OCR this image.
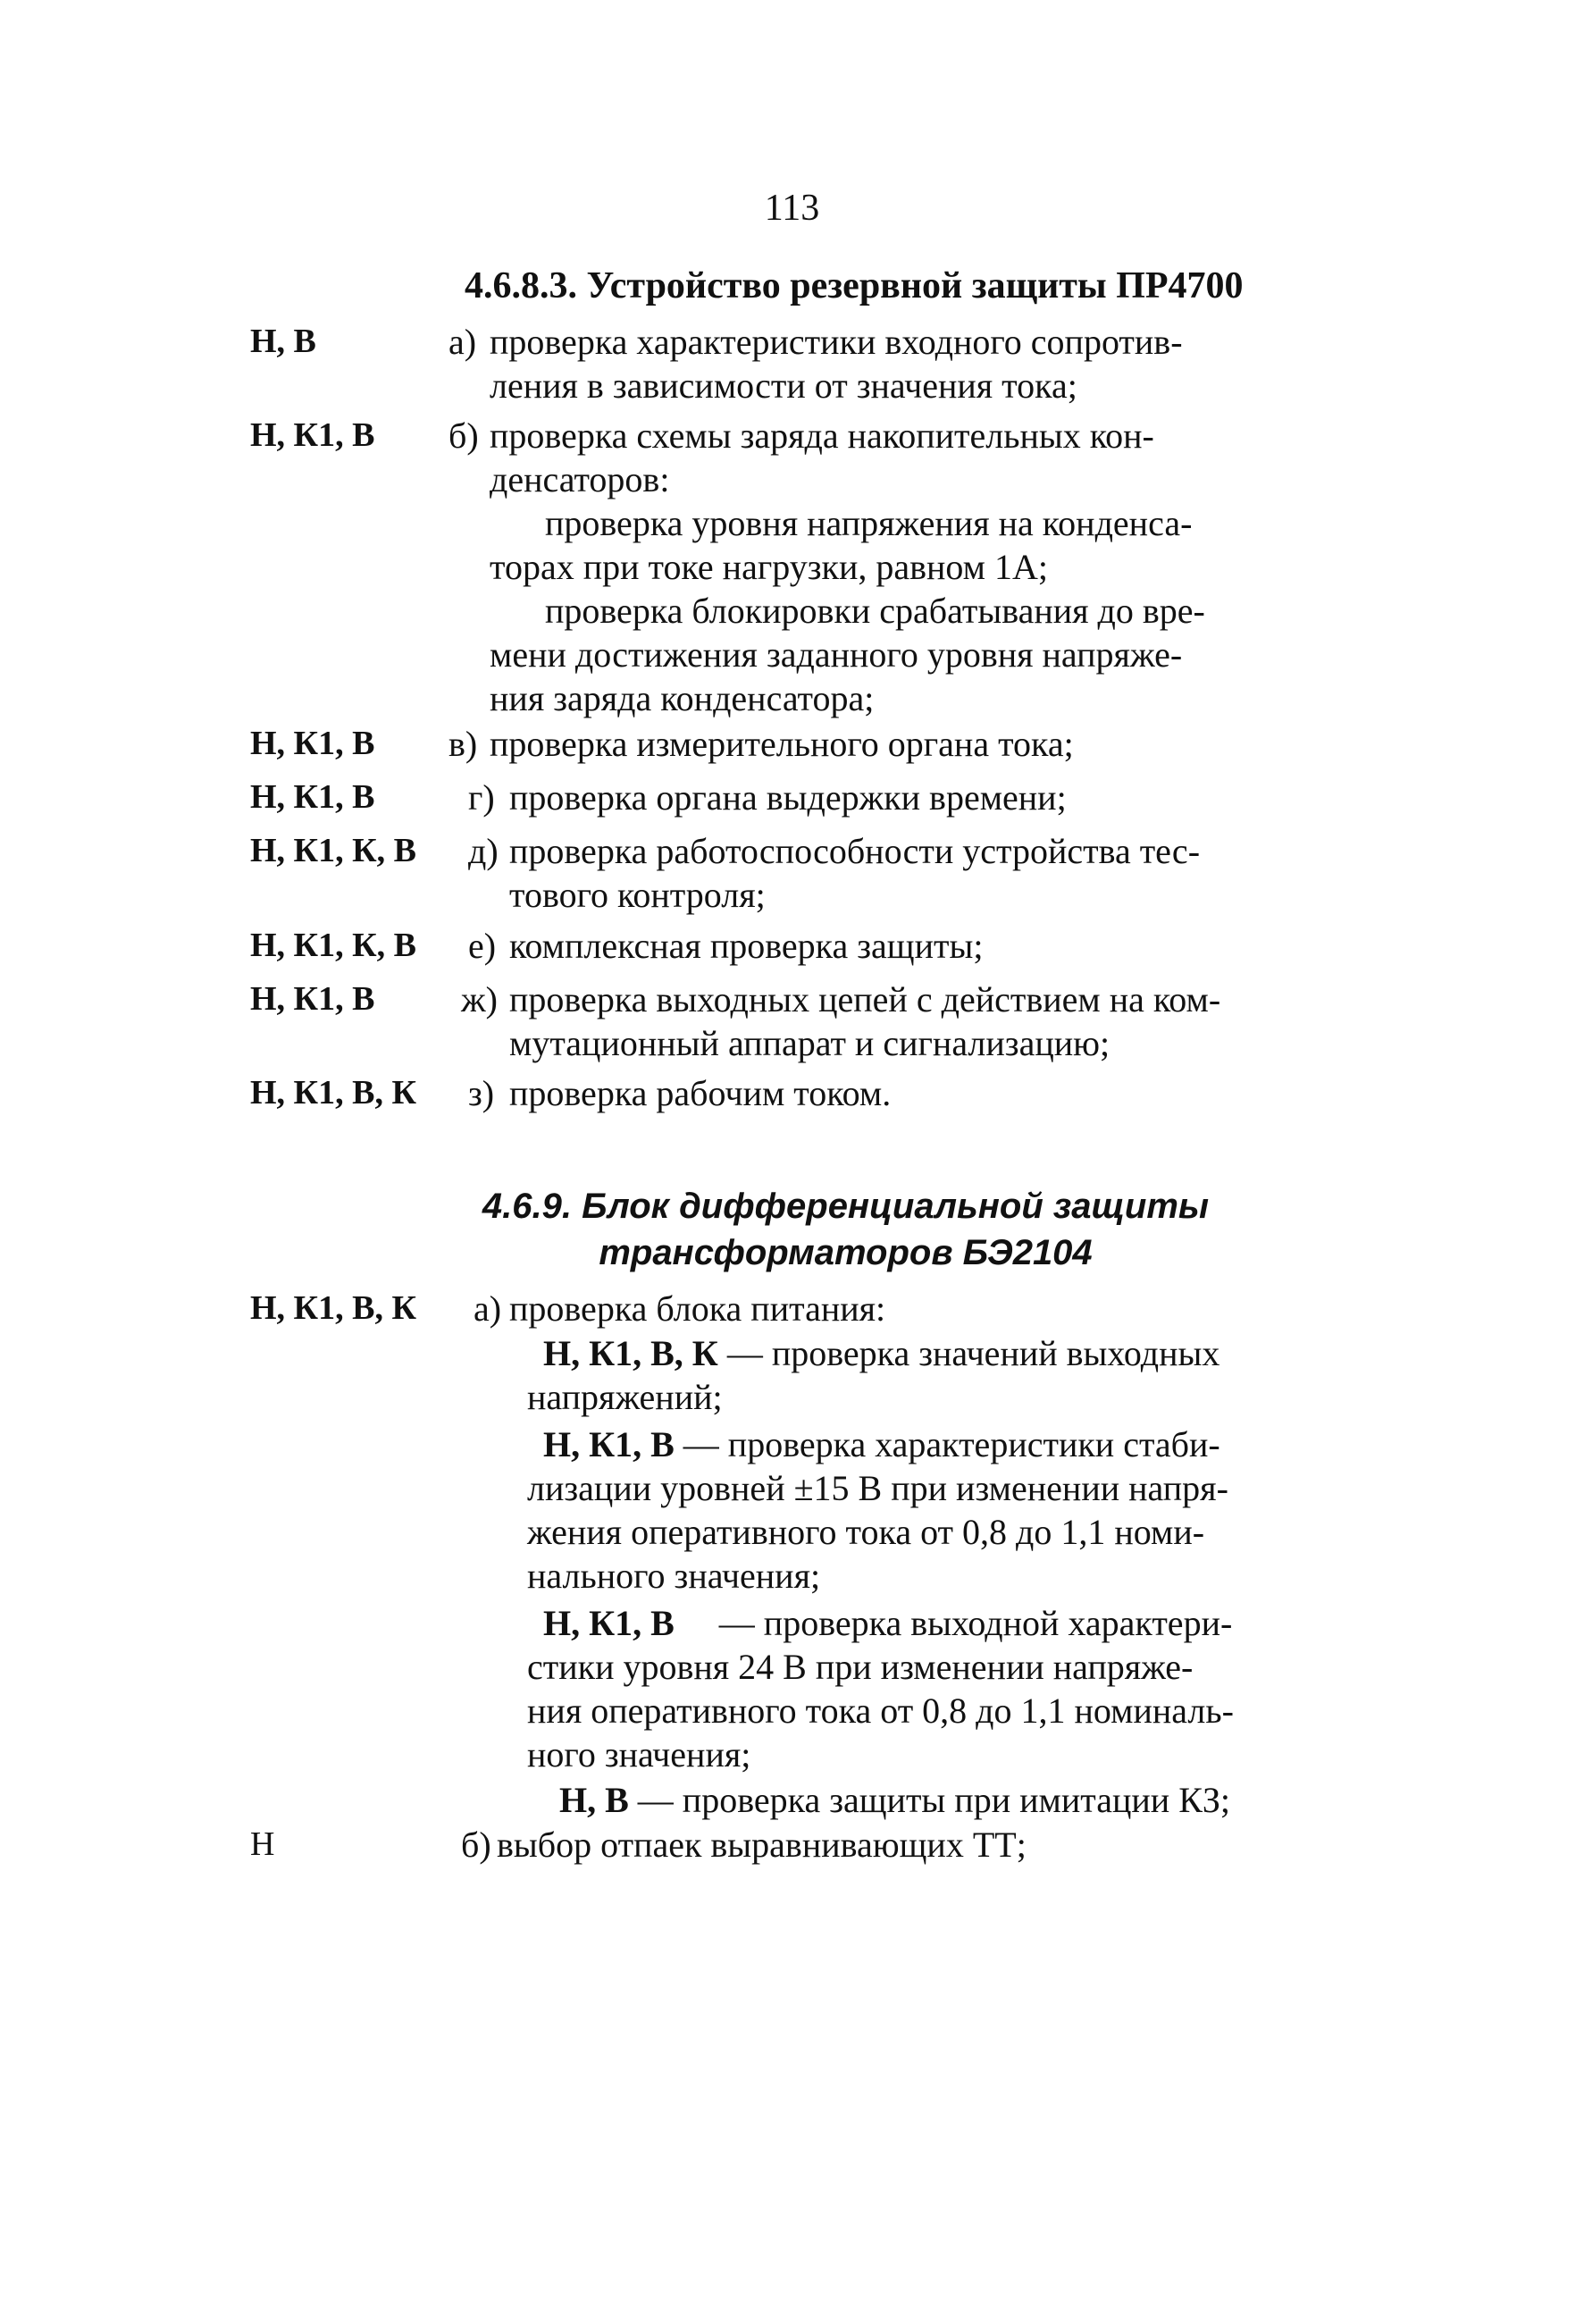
113
4.6.8.3. Устройство резервной защиты ПР4700
Н, В	а) проверка характеристики входного сопротив-
ления в зависимости от значения тока;
Н, К1, В б) проверка схемы заряда накопительных кон-
денсаторов:
проверка уровня напряжения на конденса-
торах при токе нагрузки, равном 1А;
проверка блокировки срабатывания до вре-
мени достижения заданного уровня напряже-
ния заряда конденсатора;
Н, К1, В в) проверка измерительного органа тока;
Н, К1, В	г) проверка органа выдержки времени;
Н, К1, К, В д) проверка работоспособности устройства тес-
тового контроля;
Н, К1, К, В е) комплексная проверка защиты;
Н, К1, В ж) проверка выходных цепей с действием на ком-
мутационный аппарат и сигнализацию;
Н, К1, В, К з) проверка рабочим током.
4.6.9. Блок дифференциальной защиты
трансформаторов БЭ2104
Н, К1, В, К а) проверка блока питания:
Н, К1, В, К — проверка значений выходных
напряжений;
Н, К1, В — проверка характеристики стаби-
лизации уровней ±15 В при изменении напря-
жения оперативного тока от 0,8 до 1,1 номи-
нального значения;
Н, К1, В     — проверка выходной характери-
стики уровня 24 В при изменении напряже-
ния оперативного тока от 0,8 до 1,1 номиналь-
ного значения;
Н, В — проверка защиты при имитации КЗ;
Н	б) выбор отпаек выравнивающих ТТ;
